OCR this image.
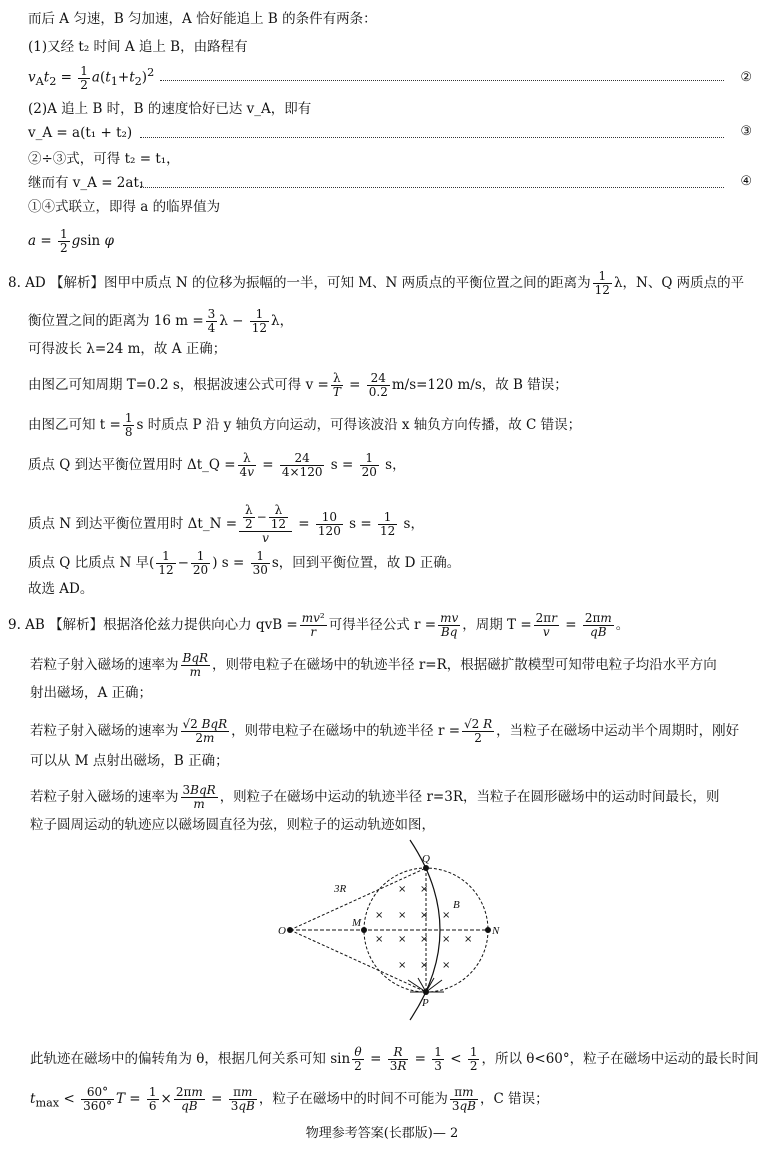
而后 A 匀速，B 匀加速，A 恰好能追上 B 的条件有两条：
(1)又经 t₂ 时间 A 追上 B，由路程有
$v_At_2 = \frac{1}{2} a(t_1+t_2)^2$	②
(2)A 追上 B 时，B 的速度恰好已达 v_A，即有
v_A = a(t₁ + t₂)	③
②÷③式，可得 t₂ = t₁，
继而有 v_A = 2at₁	④
①④式联立，即得 a 的临界值为
$a = \frac{1}{2}$ gsin φ
8. AD 【解析】图甲中质点 N 的位移为振幅的一半，可知 M、N 两质点的平衡位置之间的距离为 $\frac{1}{12}$ λ，N、Q 两质点的平
衡位置之间的距离为 16 $m = \frac{3}{4}$ $\lambda - \frac{1}{12}$ λ，
可得波长 λ=24 m，故 A 正确；
由图乙可知周期 T=0.2 s，根据波速公式可得 $v = \frac{\lambda}{T} = \frac{24}{0.2} m/s=120$ m/s，故 B 错误；
由图乙可知 $t = \frac{1}{8}$ s 时质点 P 沿 y 轴负方向运动，可得该波沿 x 轴负方向传播，故 C 错误；
质点 Q 到达平衡位置用时 Δt_Q = $\frac{\lambda}{4v} = \frac{24}{4\times 120}$ $s = \frac{1}{20}$ s，
质点 N 到达平衡位置用时 Δt_N = $\frac{\frac{\lambda}{2} - \frac{\lambda}{12}}{v} = \frac{10}{120}$ $s = \frac{1}{12}$ s，
质点 Q 比质点 N 早( $\frac{1}{12} - \frac{1}{20}$ ) $s = \frac{1}{30}$ s，回到平衡位置，故 D 正确。
故选 AD。
9. AB 【解析】根据洛伦兹力提供向心力 qvB = $\frac{\text{mv²}}{r}$ 可得半径公式 $r = \frac{mv}{Bq}$ ，周期 $T = \frac{2\pi r}{v} = \frac{2\pi m}{qB}$ 。
若粒子射入磁场的速率为 $\frac{\text{BqR}}{m}$ ，则带电粒子在磁场中的轨迹半径 r=R，根据磁扩散模型可知带电粒子均沿水平方向
射出磁场，A 正确；
若粒子射入磁场的速率为 $\frac{\text{√2 BqR}}{2m}$ ，则带电粒子在磁场中的轨迹半径 $r = \frac{√2 R}{2}$ ，当粒子在磁场中运动半个周期时，刚好
可以从 M 点射出磁场，B 正确；
若粒子射入磁场的速率为 $\frac{\text{3BqR}}{m}$ ，则粒子在磁场中运动的轨迹半径 r=3R，当粒子在圆形磁场中的运动时间最长，则
粒子圆周运动的轨迹应以磁场圆直径为弦，则粒子的运动轨迹如图，
× ×
× × × ×
× × × × ×
× × ×
O
M
N
Q
P
B
3R
此轨迹在磁场中的偏转角为 θ，根据几何关系可知 $\sin \frac{\theta}{2} = \frac{R}{3R} = \frac{1}{3} < \frac{1}{2}$ ，所以 θ<60°，粒子在磁场中运动的最长时间
$t_{max} < \frac{60^\circ}{360^\circ}$ $T = \frac{1}{6} \times \frac{2\pi m}{qB} = \frac{\pi m}{3qB}$ ，粒子在磁场中的时间不可能为 $\frac{\pi m}{3qB}$ ，C 错误；
物理参考答案(长郡版)— 2
